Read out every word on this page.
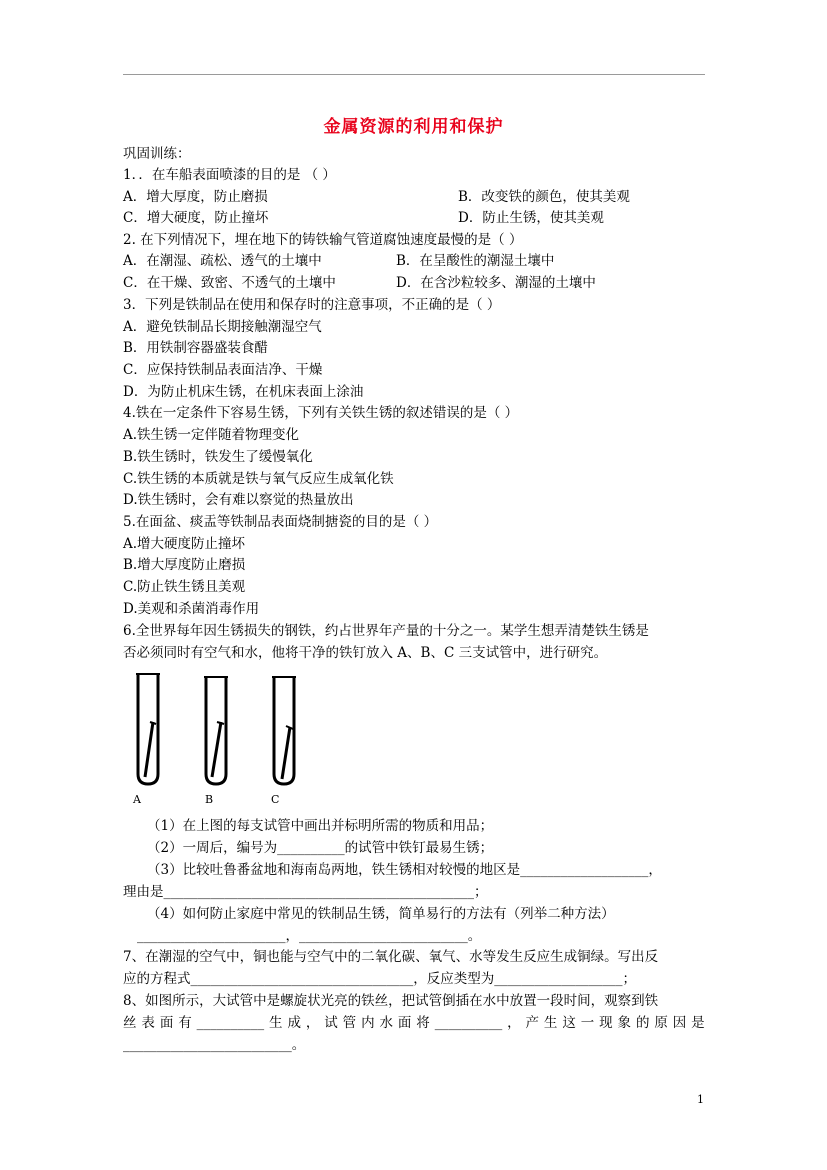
金属资源的利用和保护
巩固训练：
1．．在车船表面喷漆的目的是 （ ）
A．增大厚度，防止磨损	B．改变铁的颜色，使其美观
C．增大硬度，防止撞坏	D．防止生锈，使其美观
2. 在下列情况下，埋在地下的铸铁输气管道腐蚀速度最慢的是（ ）
A．在潮湿、疏松、透气的土壤中	B．在呈酸性的潮湿土壤中
C．在干燥、致密、不透气的土壤中	D．在含沙粒较多、潮湿的土壤中
3．下列是铁制品在使用和保存时的注意事项，不正确的是（ ）
A．避免铁制品长期接触潮湿空气
B．用铁制容器盛装食醋
C．应保持铁制品表面洁净、干燥
D．为防止机床生锈，在机床表面上涂油
4.铁在一定条件下容易生锈，下列有关铁生锈的叙述错误的是（ ）
A.铁生锈一定伴随着物理变化
B.铁生锈时，铁发生了缓慢氧化
C.铁生锈的本质就是铁与氧气反应生成氧化铁
D.铁生锈时，会有难以察觉的热量放出
5.在面盆、痰盂等铁制品表面烧制搪瓷的目的是（ ）
A.增大硬度防止撞坏
B.增大厚度防止磨损
C.防止铁生锈且美观
D.美观和杀菌消毒作用
6.全世界每年因生锈损失的钢铁，约占世界年产量的十分之一。某学生想弄清楚铁生锈是
否必须同时有空气和水，他将干净的铁钉放入 A、B、C 三支试管中，进行研究。
A	B	C
（1）在上图的每支试管中画出并标明所需的物质和用品；
（2）一周后，编号为__________的试管中铁钉最易生锈；
（3）比较吐鲁番盆地和海南岛两地，铁生锈相对较慢的地区是___________________，
理由是______________________________________________；
（4）如何防止家庭中常见的铁制品生锈，简单易行的方法有（列举二种方法）
______________________，_________________________。
7、在潮湿的空气中，铜也能与空气中的二氧化碳、氧气、水等发生反应生成铜绿。写出反
应的方程式_________________________________，反应类型为___________________；
8、如图所示，大试管中是螺旋状光亮的铁丝，把试管倒插在水中放置一段时间，观察到铁
丝 表 面 有 __________ 生 成 ， 试 管 内 水 面 将 __________ ， 产 生 这 一 现 象 的 原 因 是
_________________________。
1
